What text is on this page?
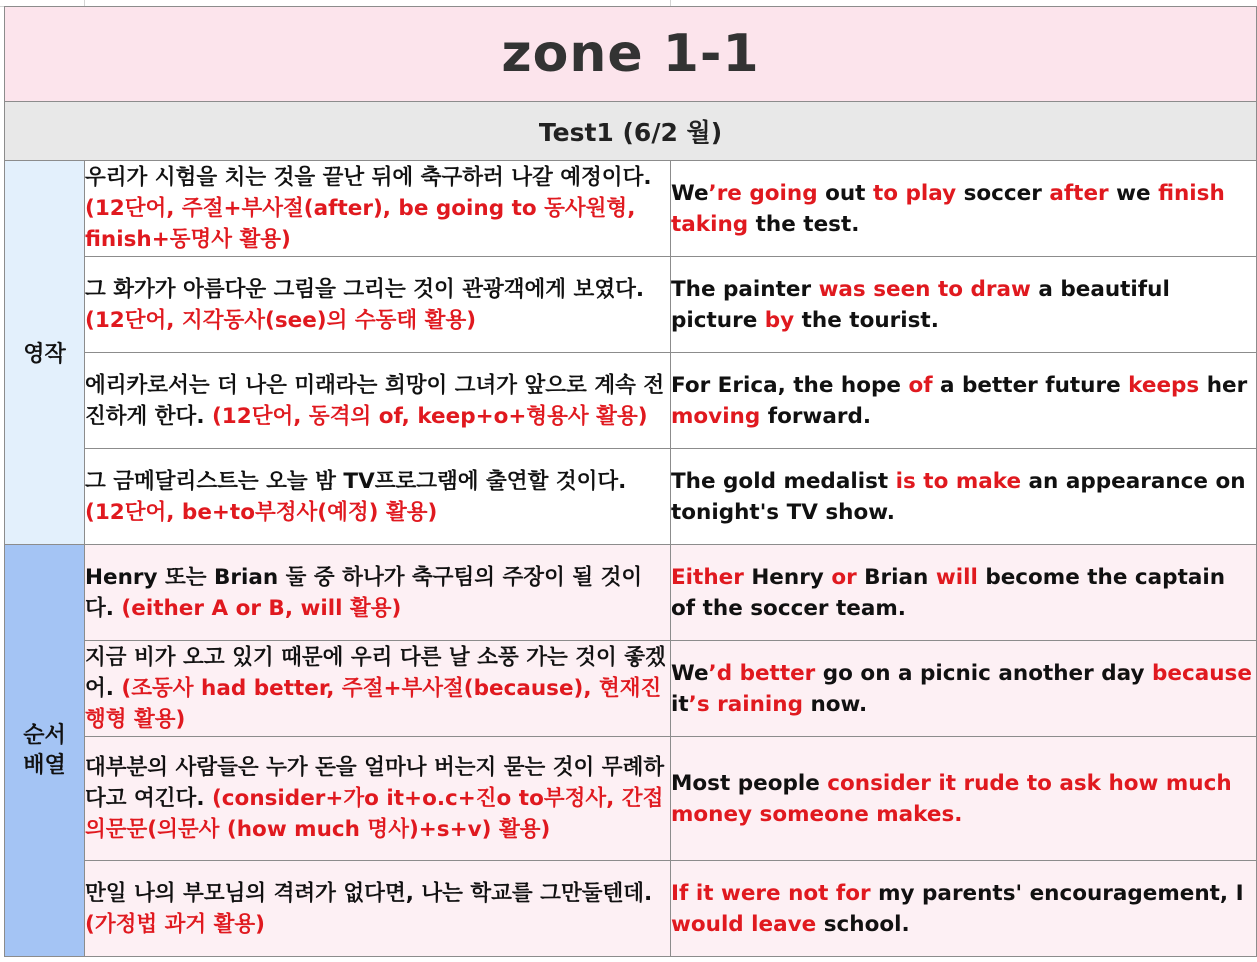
zone 1-1		
Test1 (6/2 월)		
영작	우리가 시험을 치는 것을 끝난 뒤에 축구하러 나갈 예정이다. (12단어, 주절+부사절(after), be going to 동사원형, finish+동명사 활용)	We’re going out to play soccer after we finish taking the test.
	그 화가가 아름다운 그림을 그리는 것이 관광객에게 보였다. (12단어, 지각동사(see)의 수동태 활용)	The painter was seen to draw a beautiful picture by the tourist.
	에리카로서는 더 나은 미래라는 희망이 그녀가 앞으로 계속 전진하게 한다. (12단어, 동격의 of, keep+o+형용사 활용)	For Erica, the hope of a better future keeps her moving forward.
	그 금메달리스트는 오늘 밤 TV프로그램에 출연할 것이다. (12단어, be+to부정사(예정) 활용)	The gold medalist is to make an appearance on tonight's TV show.
순서
배열	Henry 또는 Brian 둘 중 하나가 축구팀의 주장이 될 것이다. (either A or B, will 활용)	Either Henry or Brian will become the captain of the soccer team.
	지금 비가 오고 있기 때문에 우리 다른 날 소풍 가는 것이 좋겠어. (조동사 had better, 주절+부사절(because), 현재진행형 활용)	We’d better go on a picnic another day because it’s raining now.
	대부분의 사람들은 누가 돈을 얼마나 버는지 묻는 것이 무례하다고 여긴다. (consider+가o it+o.c+진o to부정사, 간접의문문(의문사 (how much 명사)+s+v) 활용)	Most people consider it rude to ask how much money someone makes.
	만일 나의 부모님의 격려가 없다면, 나는 학교를 그만둘텐데. (가정법 과거 활용)	If it were not for my parents' encouragement, I would leave school.
